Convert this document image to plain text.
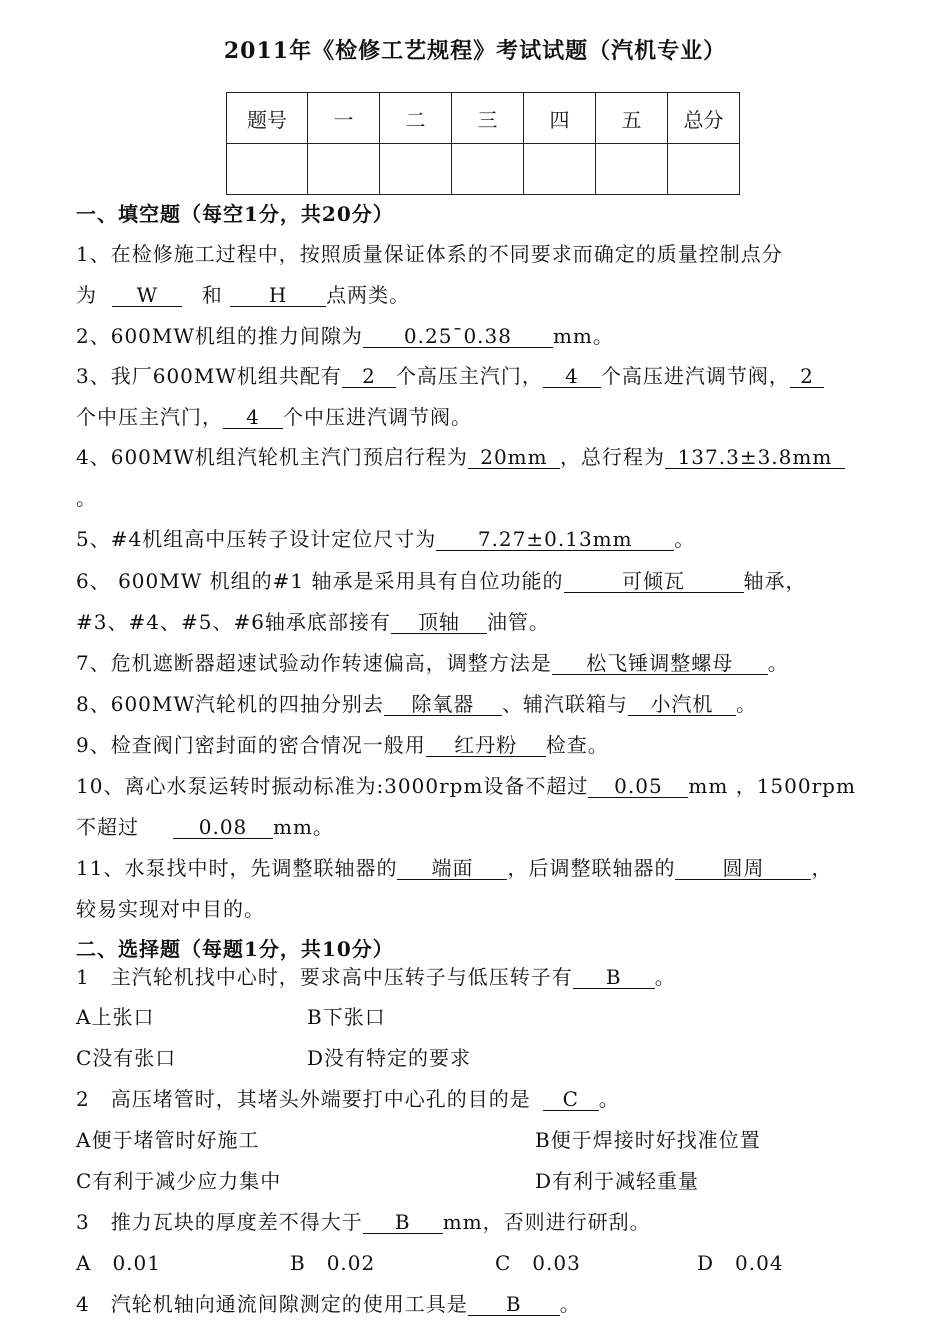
2011年《检修工艺规程》考试试题（汽机专业）
题号	一	二	三	四	五	总分

一、填空题（每空1分，共20分）
1、在检修施工过程中，按照质量保证体系的不同要求而确定的质量控制点分
为 W 和 H 点两类。
2、600MW机组的推力间隙为 0.25¯0.38 mm。
3、我厂600MW机组共配有 2 个高压主汽门， 4 个高压进汽调节阀， 2
个中压主汽门， 4 个中压进汽调节阀。
4、600MW机组汽轮机主汽门预启行程为 20mm ，总行程为 137.3±3.8mm
。
5、#4机组高中压转子设计定位尺寸为 7.27±0.13mm 。
6、 600MW 机组的#1 轴承是采用具有自位功能的	可倾瓦	轴承，
#3、#4、#5、#6轴承底部接有 顶轴 油管。
7、危机遮断器超速试验动作转速偏高，调整方法是 松飞锤调整螺母 。
8、600MW汽轮机的四抽分别去 除氧器 、辅汽联箱与 小汽机 。
9、检查阀门密封面的密合情况一般用 红丹粉 检查。
10、离心水泵运转时振动标准为:3000rpm设备不超过 0.05 mm ，1500rpm
不超过	0.08 mm。
11、水泵找中时，先调整联轴器的 端面 ，后调整联轴器的 圆周 ，
较易实现对中目的。
二、选择题（每题1分，共10分）
1　主汽轮机找中心时，要求高中压转子与低压转子有 B 。
A上张口	B下张口
C没有张口	D没有特定的要求
2　高压堵管时，其堵头外端要打中心孔的目的是 C 。
A便于堵管时好施工	B便于焊接时好找准位置
C有利于减少应力集中	D有利于减轻重量
3　推力瓦块的厚度差不得大于 B mm，否则进行研刮。
A　0.01	B　0.02	C　0.03	D　0.04
4　汽轮机轴向通流间隙测定的使用工具是 B 。
